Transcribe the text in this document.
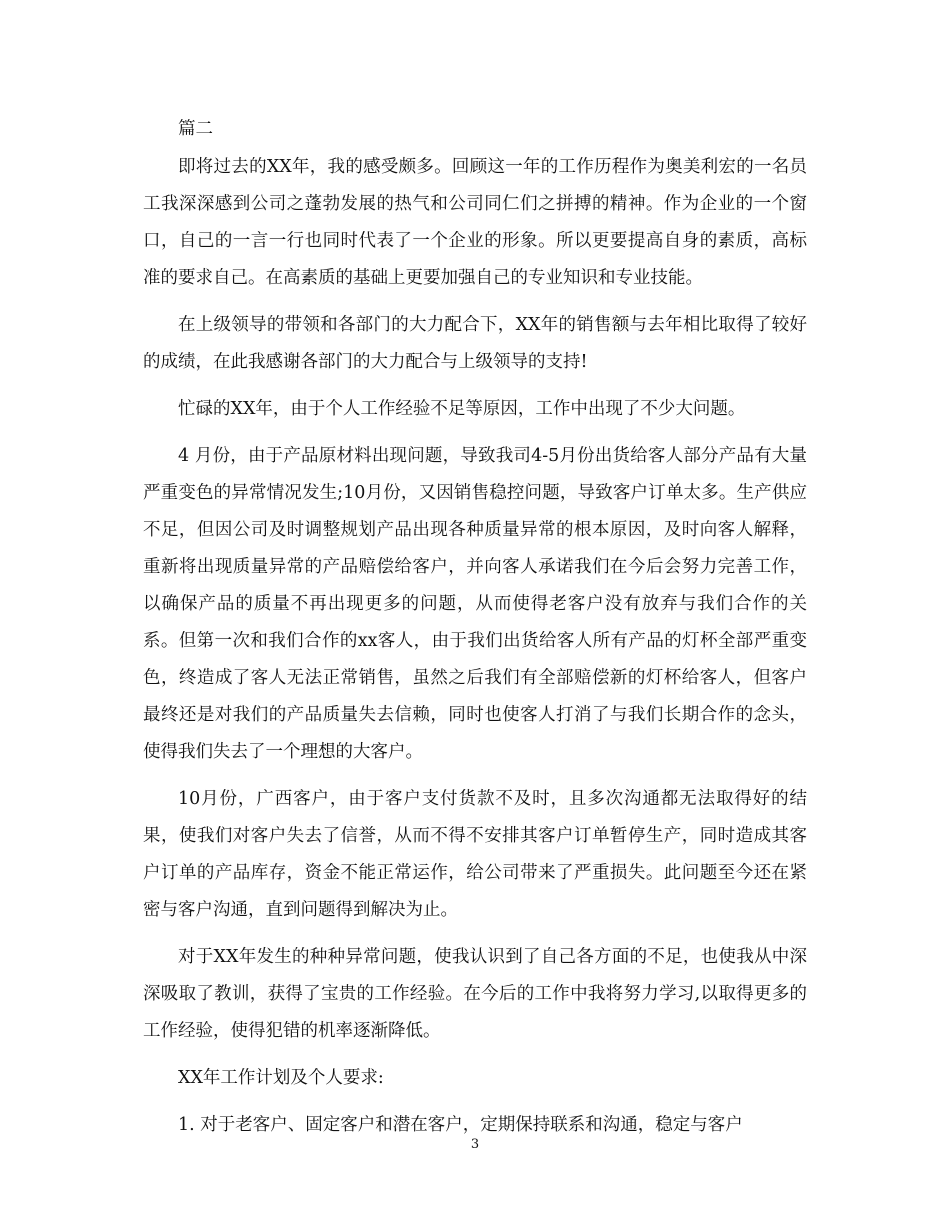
篇二

即将过去的XX年，我的感受颇多。回顾这一年的工作历程作为奥美利宏的一名员工我深深感到公司之蓬勃发展的热气和公司同仁们之拼搏的精神。作为企业的一个窗口，自己的一言一行也同时代表了一个企业的形象。所以更要提高自身的素质，高标准的要求自己。在高素质的基础上更要加强自己的专业知识和专业技能。

在上级领导的带领和各部门的大力配合下，XX年的销售额与去年相比取得了较好的成绩，在此我感谢各部门的大力配合与上级领导的支持!

忙碌的XX年，由于个人工作经验不足等原因，工作中出现了不少大问题。

4 月份，由于产品原材料出现问题，导致我司4-5月份出货给客人部分产品有大量严重变色的异常情况发生;10月份，又因销售稳控问题，导致客户订单太多。生产供应不足，但因公司及时调整规划产品出现各种质量异常的根本原因，及时向客人解释，重新将出现质量异常的产品赔偿给客户，并向客人承诺我们在今后会努力完善工作，以确保产品的质量不再出现更多的问题，从而使得老客户没有放弃与我们合作的关系。但第一次和我们合作的xx客人，由于我们出货给客人所有产品的灯杯全部严重变色，终造成了客人无法正常销售，虽然之后我们有全部赔偿新的灯杯给客人，但客户最终还是对我们的产品质量失去信赖，同时也使客人打消了与我们长期合作的念头，使得我们失去了一个理想的大客户。

10月份，广西客户，由于客户支付货款不及时，且多次沟通都无法取得好的结果，使我们对客户失去了信誉，从而不得不安排其客户订单暂停生产，同时造成其客户订单的产品库存，资金不能正常运作，给公司带来了严重损失。此问题至今还在紧密与客户沟通，直到问题得到解决为止。

对于XX年发生的种种异常问题，使我认识到了自己各方面的不足，也使我从中深深吸取了教训，获得了宝贵的工作经验。在今后的工作中我将努力学习,以取得更多的工作经验，使得犯错的机率逐渐降低。

XX年工作计划及个人要求:

1. 对于老客户、固定客户和潜在客户，定期保持联系和沟通，稳定与客户

3
